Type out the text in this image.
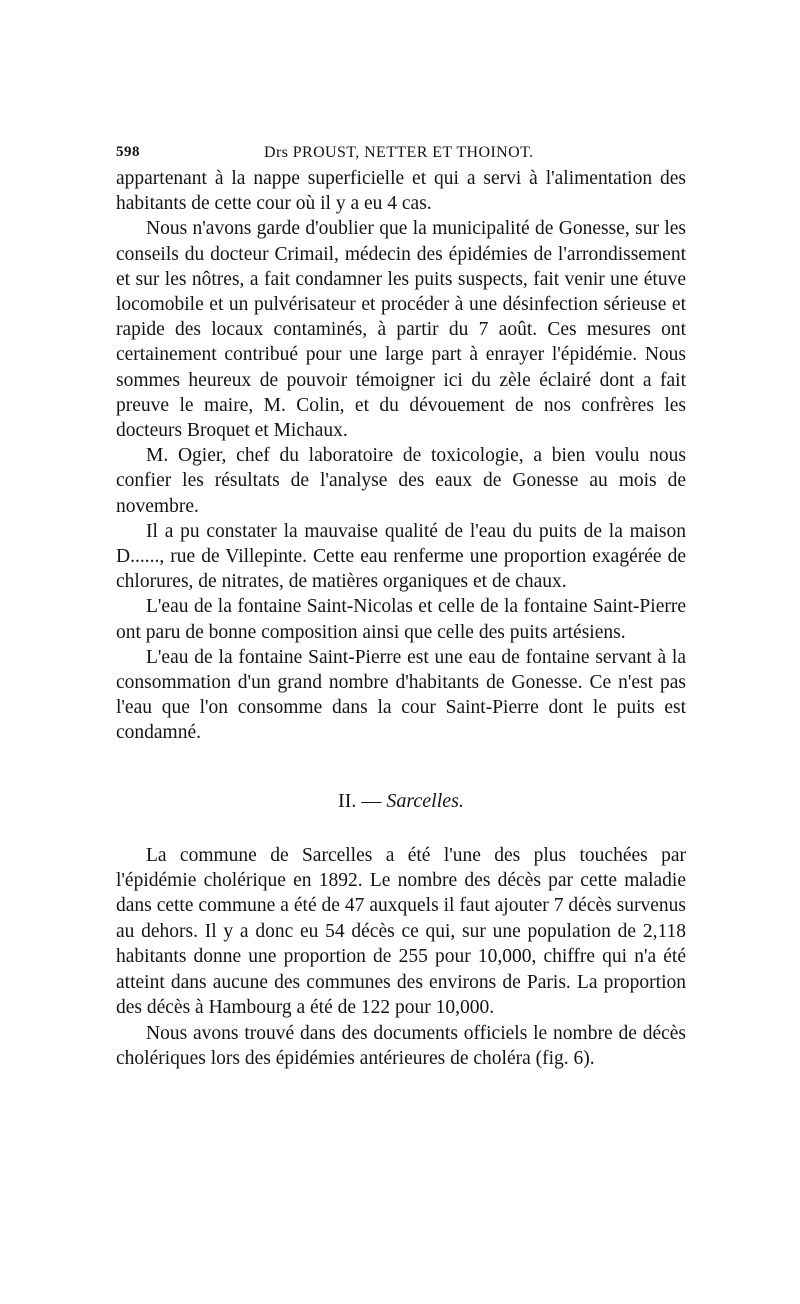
598	Drs PROUST, NETTER ET THOINOT.

appartenant à la nappe superficielle et qui a servi à l'alimentation des habitants de cette cour où il y a eu 4 cas.

Nous n'avons garde d'oublier que la municipalité de Gonesse, sur les conseils du docteur Crimail, médecin des épidémies de l'arrondissement et sur les nôtres, a fait condamner les puits suspects, fait venir une étuve locomobile et un pulvérisateur et procéder à une désinfection sérieuse et rapide des locaux contaminés, à partir du 7 août. Ces mesures ont certainement contribué pour une large part à enrayer l'épidémie. Nous sommes heureux de pouvoir témoigner ici du zèle éclairé dont a fait preuve le maire, M. Colin, et du dévouement de nos confrères les docteurs Broquet et Michaux.

M. Ogier, chef du laboratoire de toxicologie, a bien voulu nous confier les résultats de l'analyse des eaux de Gonesse au mois de novembre.

Il a pu constater la mauvaise qualité de l'eau du puits de la maison D......, rue de Villepinte. Cette eau renferme une proportion exagérée de chlorures, de nitrates, de matières organiques et de chaux.

L'eau de la fontaine Saint-Nicolas et celle de la fontaine Saint-Pierre ont paru de bonne composition ainsi que celle des puits artésiens.

L'eau de la fontaine Saint-Pierre est une eau de fontaine servant à la consommation d'un grand nombre d'habitants de Gonesse. Ce n'est pas l'eau que l'on consomme dans la cour Saint-Pierre dont le puits est condamné.

II. — Sarcelles.

La commune de Sarcelles a été l'une des plus touchées par l'épidémie cholérique en 1892. Le nombre des décès par cette maladie dans cette commune a été de 47 auxquels il faut ajouter 7 décès survenus au dehors. Il y a donc eu 54 décès ce qui, sur une population de 2,118 habitants donne une proportion de 255 pour 10,000, chiffre qui n'a été atteint dans aucune des communes des environs de Paris. La proportion des décès à Hambourg a été de 122 pour 10,000.

Nous avons trouvé dans des documents officiels le nombre de décès cholériques lors des épidémies antérieures de choléra (fig. 6).
